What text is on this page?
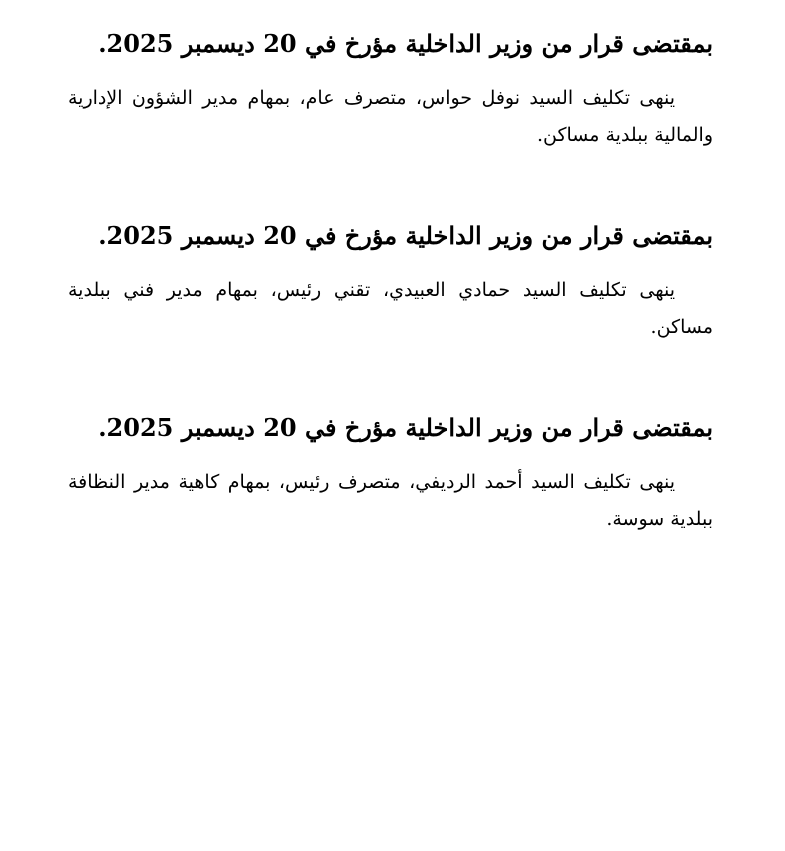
بمقتضى قرار من وزير الداخلية مؤرخ في 20 ديسمبر 2025.

ينهى تكليف السيد نوفل حواس، متصرف عام، بمهام مدير الشؤون الإدارية والمالية ببلدية مساكن.

بمقتضى قرار من وزير الداخلية مؤرخ في 20 ديسمبر 2025.

ينهى تكليف السيد حمادي العبيدي، تقني رئيس، بمهام مدير فني ببلدية مساكن.

بمقتضى قرار من وزير الداخلية مؤرخ في 20 ديسمبر 2025.

ينهى تكليف السيد أحمد الرديفي، متصرف رئيس، بمهام كاهية مدير النظافة ببلدية سوسة.
